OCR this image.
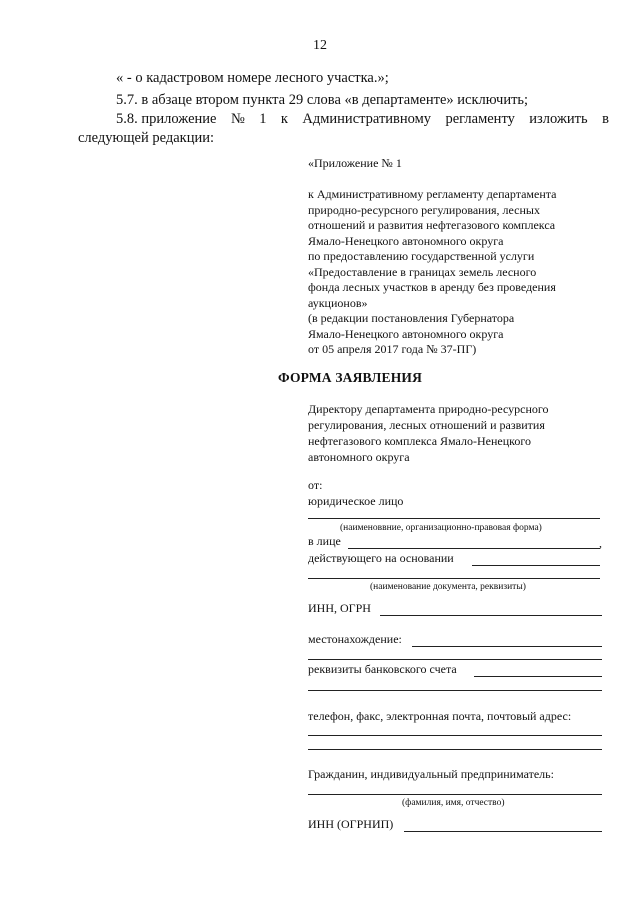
12
« - о кадастровом номере лесного участка.»;
5.7. в абзаце втором пункта 29 слова «в департаменте» исключить;
5.8. приложение № 1 к Административному регламенту изложить в
следующей редакции:
«Приложение № 1
к Административному регламенту департамента
природно-ресурсного регулирования, лесных
отношений и развития нефтегазового комплекса
Ямало-Ненецкого автономного округа
по предоставлению государственной услуги
«Предоставление в границах земель лесного
фонда лесных участков в аренду без проведения
аукционов»
(в редакции постановления Губернатора
Ямало-Ненецкого автономного округа
от 05 апреля 2017 года № 37-ПГ)
ФОРМА ЗАЯВЛЕНИЯ
Директору департамента природно-ресурсного
регулирования, лесных отношений и развития
нефтегазового комплекса Ямало-Ненецкого
автономного округа
от:
юридическое лицо
(наименоввние, организационно-правовая форма)
в лице	,
действующего на основании
(наименование документа, реквизиты)
ИНН, ОГРН
местонахождение:
реквизиты банковского счета
телефон, факс, электронная почта, почтовый адрес:
Гражданин, индивидуальный предприниматель:
(фамилия, имя, отчество)
ИНН (ОГРНИП)
